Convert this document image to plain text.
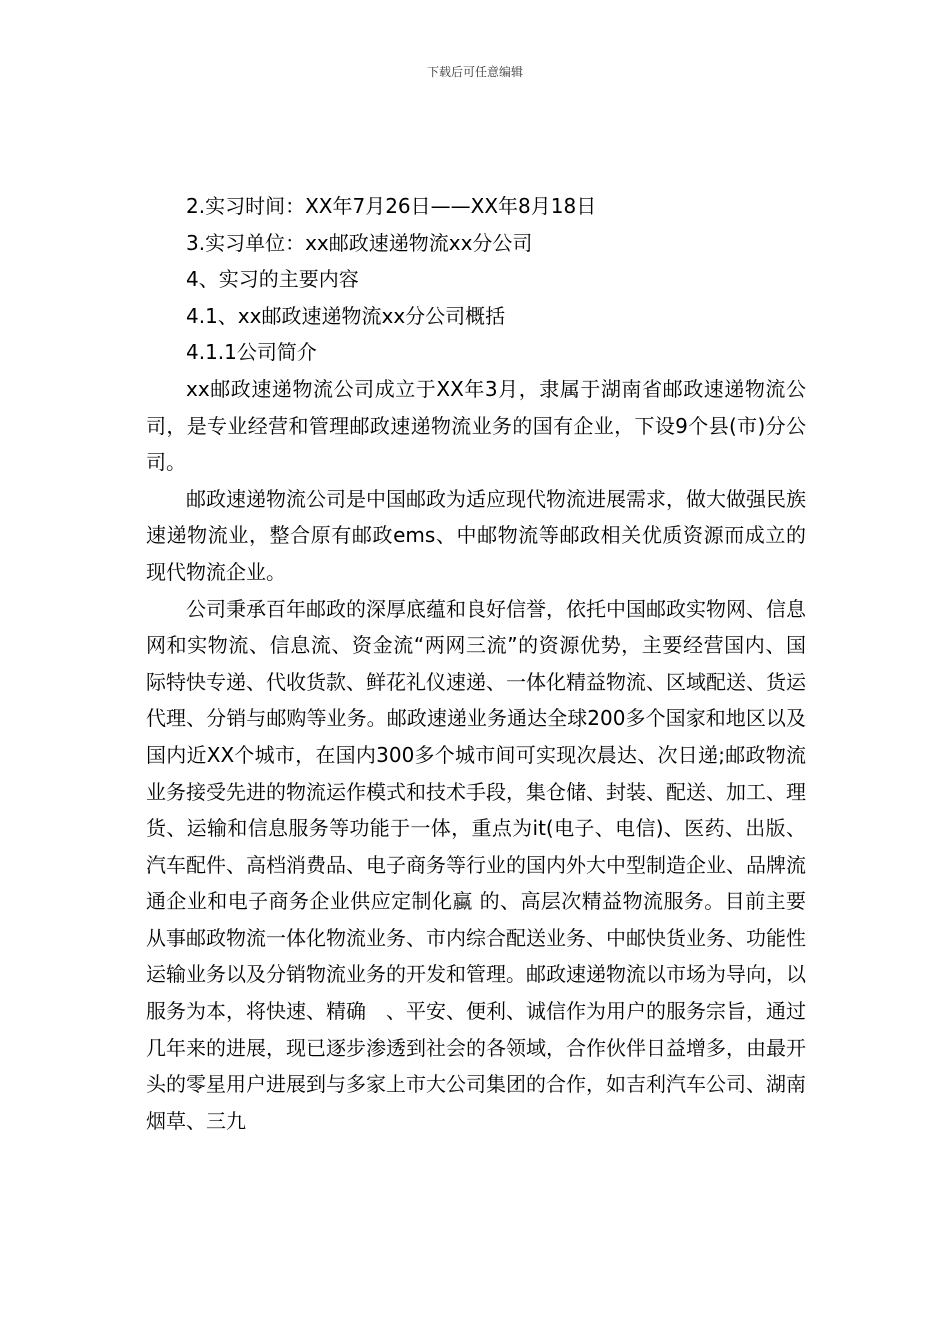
下载后可任意编辑

2.实习时间：XX年7月26日——XX年8月18日

3.实习单位：xx邮政速递物流xx分公司

4、实习的主要内容

4.1、xx邮政速递物流xx分公司概括

4.1.1公司简介

xx邮政速递物流公司成立于XX年3月，隶属于湖南省邮政速递物流公司，是专业经营和管理邮政速递物流业务的国有企业，下设9个县(市)分公司。

邮政速递物流公司是中国邮政为适应现代物流进展需求，做大做强民族速递物流业，整合原有邮政ems、中邮物流等邮政相关优质资源而成立的现代物流企业。

公司秉承百年邮政的深厚底蕴和良好信誉，依托中国邮政实物网、信息网和实物流、信息流、资金流“两网三流”的资源优势，主要经营国内、国际特快专递、代收货款、鲜花礼仪速递、一体化精益物流、区域配送、货运代理、分销与邮购等业务。邮政速递业务通达全球200多个国家和地区以及国内近XX个城市，在国内300多个城市间可实现次晨达、次日递;邮政物流业务接受先进的物流运作模式和技术手段，集仓储、封装、配送、加工、理货、运输和信息服务等功能于一体，重点为it(电子、电信)、医药、出版、汽车配件、高档消费品、电子商务等行业的国内外大中型制造企业、品牌流通企业和电子商务企业供应定制化蠃 的、高层次精益物流服务。目前主要从事邮政物流一体化物流业务、市内综合配送业务、中邮快货业务、功能性运输业务以及分销物流业务的开发和管理。邮政速递物流以市场为导向，以服务为本，将快速、精确　、平安、便利、诚信作为用户的服务宗旨，通过几年来的进展，现已逐步渗透到社会的各领域，合作伙伴日益增多，由最开头的零星用户进展到与多家上市大公司集团的合作，如吉利汽车公司、湖南烟草、三九
